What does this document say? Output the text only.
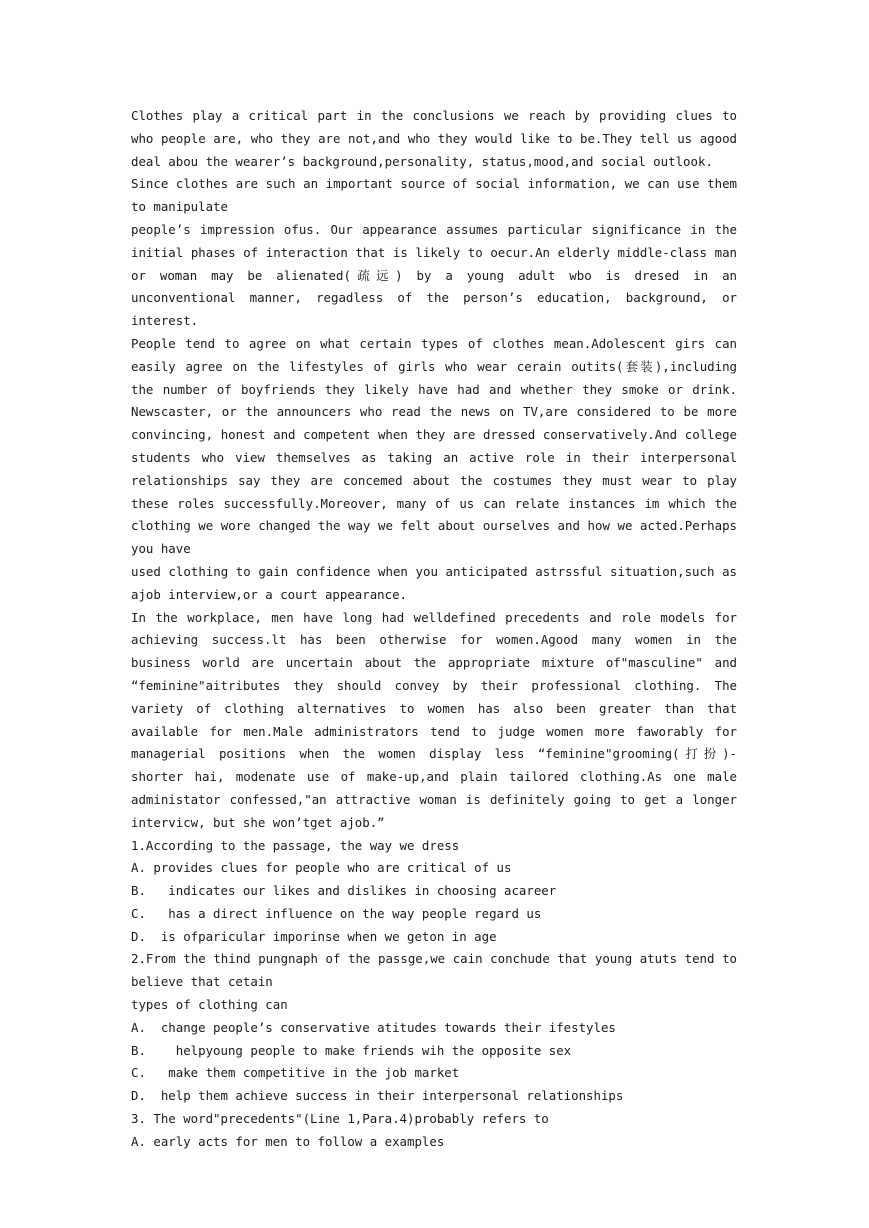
Clothes play a critical part in the conclusions we reach by providing clues to who people are, who they are not,and who they would like to be.They tell us agood deal abou the wearer’s background,personality, status,mood,and social outlook.

Since clothes are such an important source of social information, we can use them to manipulate

people’s impression ofus. Our appearance assumes particular significance in the initial phases of interaction that is likely to oecur.An elderly middle-class man or woman may be alienated(疏远) by a young adult wbo is dresed in an unconventional manner, regadless of the person’s education, background, or interest.

People tend to agree on what certain types of clothes mean.Adolescent girs can easily agree on the lifestyles of girls who wear cerain outits(套装),including the number of boyfriends they likely have had and whether they smoke or drink. Newscaster, or the announcers who read the news on TV,are considered to be more convincing, honest and competent when they are dressed conservatively.And college students who view themselves as taking an active role in their interpersonal relationships say they are concemed about the costumes they must wear to play these roles successfully.Moreover, many of us can relate instances im which the clothing we wore changed the way we felt about ourselves and how we acted.Perhaps you have

used clothing to gain confidence when you anticipated astrssful situation,such as ajob interview,or a court appearance.

In the workplace, men have long had welldefined precedents and role models for achieving success.lt has been otherwise for women.Agood many women in the business world are uncertain about the appropriate mixture of"masculine" and “feminine"aitributes they should convey by their professional clothing. The variety of clothing alternatives to women has also been greater than that available for men.Male administrators tend to judge women more faworably for managerial positions when the women display less “feminine"grooming(打扮)- shorter hai, modenate use of make-up,and plain tailored clothing.As one male administator confessed,"an attractive woman is definitely going to get a longer intervicw, but she won’tget ajob.”

1.According to the passage, the way we dress

A. provides clues for people who are critical of us

B.   indicates our likes and dislikes in choosing acareer

C.   has a direct influence on the way people regard us

D.  is ofparicular imporinse when we geton in age

2.From the thind pungnaph of the passge,we cain conchude that young atuts tend to believe that cetain

types of clothing can

A.  change people’s conservative atitudes towards their ifestyles

B.    helpyoung people to make friends wih the opposite sex

C.   make them competitive in the job market

D.  help them achieve success in their interpersonal relationships

3. The word"precedents"(Line 1,Para.4)probably refers to

A. early acts for men to follow a examples
